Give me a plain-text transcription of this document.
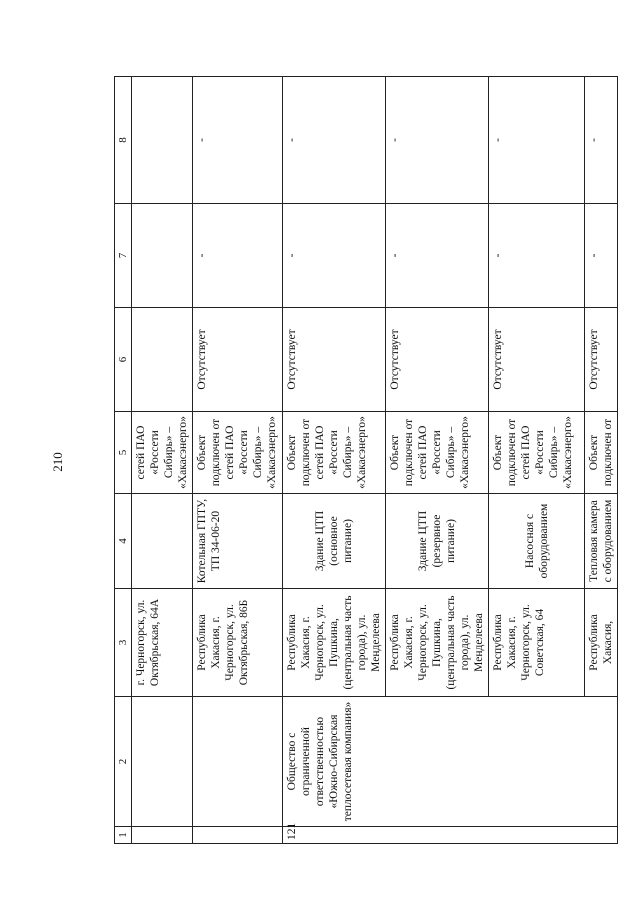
210
1	2	3	4	5	6	7	8
		г. Черногорск, ул. Октябрьская, 64А		сетей ПАО «Россети Сибирь» – «Хакасэнерго»			
		Республика Хакасия, г. Черногорск, ул. Октябрьская, 86Б	Котельная ГПТУ, ТП 34-06-20	Объект подключен от сетей ПАО «Россети Сибирь» – «Хакасэнерго»	Отсутствует	-	-
121	Общество с ограниченной ответственностью «Южно-Сибирская теплосетевая компания»	Республика Хакасия, г. Черногорск, ул. Пушкина, (центральная часть города), ул. Менделеева	Здание ЦТП (основное питание)	Объект подключен от сетей ПАО «Россети Сибирь» – «Хакасэнерго»	Отсутствует	-	-
		Республика Хакасия, г. Черногорск, ул. Пушкина, (центральная часть города), ул. Менделеева	Здание ЦТП (резервное питание)	Объект подключен от сетей ПАО «Россети Сибирь» – «Хакасэнерго»	Отсутствует	-	-
		Республика Хакасия, г. Черногорск, ул. Советская, 64	Насосная с оборудованием	Объект подключен от сетей ПАО «Россети Сибирь» – «Хакасэнерго»	Отсутствует	-	-
		Республика Хакасия,	Тепловая камера с оборудованием	Объект подключен от	Отсутствует	-	-
